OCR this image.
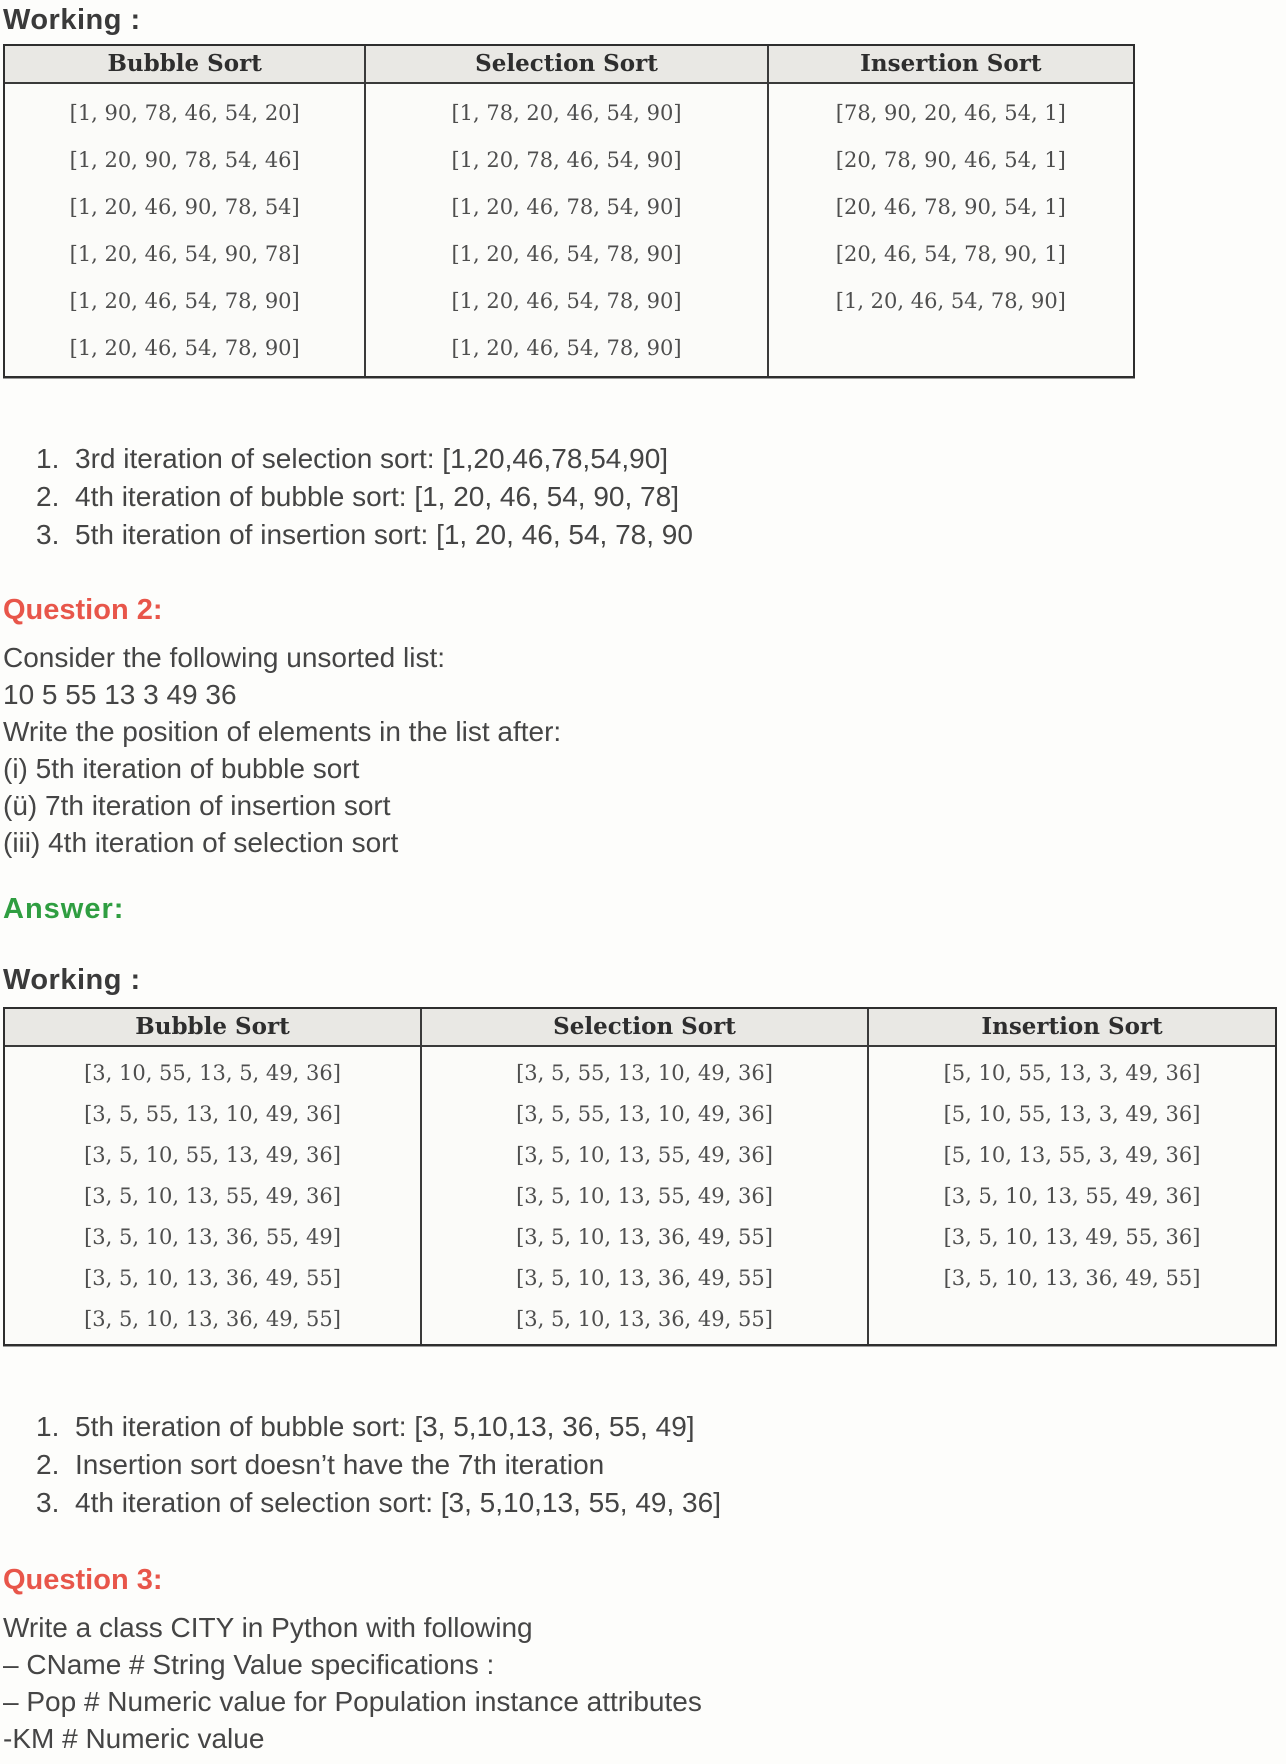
Working :
Bubble Sort
[1, 90, 78, 46, 54, 20]
[1, 20, 90, 78, 54, 46]
[1, 20, 46, 90, 78, 54]
[1, 20, 46, 54, 90, 78]
[1, 20, 46, 54, 78, 90]
[1, 20, 46, 54, 78, 90]
Selection Sort
[1, 78, 20, 46, 54, 90]
[1, 20, 78, 46, 54, 90]
[1, 20, 46, 78, 54, 90]
[1, 20, 46, 54, 78, 90]
[1, 20, 46, 54, 78, 90]
[1, 20, 46, 54, 78, 90]
Insertion Sort
[78, 90, 20, 46, 54, 1]
[20, 78, 90, 46, 54, 1]
[20, 46, 78, 90, 54, 1]
[20, 46, 54, 78, 90, 1]
[1, 20, 46, 54, 78, 90]
1. 3rd iteration of selection sort: [1,20,46,78,54,90]
2. 4th iteration of bubble sort: [1, 20, 46, 54, 90, 78]
3. 5th iteration of insertion sort: [1, 20, 46, 54, 78, 90
Question 2:
Consider the following unsorted list:
10 5 55 13 3 49 36
Write the position of elements in the list after:
(i) 5th iteration of bubble sort
(ü) 7th iteration of insertion sort
(iii) 4th iteration of selection sort
Answer:
Working :
Bubble Sort
[3, 10, 55, 13, 5, 49, 36]
[3, 5, 55, 13, 10, 49, 36]
[3, 5, 10, 55, 13, 49, 36]
[3, 5, 10, 13, 55, 49, 36]
[3, 5, 10, 13, 36, 55, 49]
[3, 5, 10, 13, 36, 49, 55]
[3, 5, 10, 13, 36, 49, 55]
Selection Sort
[3, 5, 55, 13, 10, 49, 36]
[3, 5, 55, 13, 10, 49, 36]
[3, 5, 10, 13, 55, 49, 36]
[3, 5, 10, 13, 55, 49, 36]
[3, 5, 10, 13, 36, 49, 55]
[3, 5, 10, 13, 36, 49, 55]
[3, 5, 10, 13, 36, 49, 55]
Insertion Sort
[5, 10, 55, 13, 3, 49, 36]
[5, 10, 55, 13, 3, 49, 36]
[5, 10, 13, 55, 3, 49, 36]
[3, 5, 10, 13, 55, 49, 36]
[3, 5, 10, 13, 49, 55, 36]
[3, 5, 10, 13, 36, 49, 55]
1. 5th iteration of bubble sort: [3, 5,10,13, 36, 55, 49]
2. Insertion sort doesn’t have the 7th iteration
3. 4th iteration of selection sort: [3, 5,10,13, 55, 49, 36]
Question 3:
Write a class CITY in Python with following
– CName # String Value specifications :
– Pop # Numeric value for Population instance attributes
-KM # Numeric value
